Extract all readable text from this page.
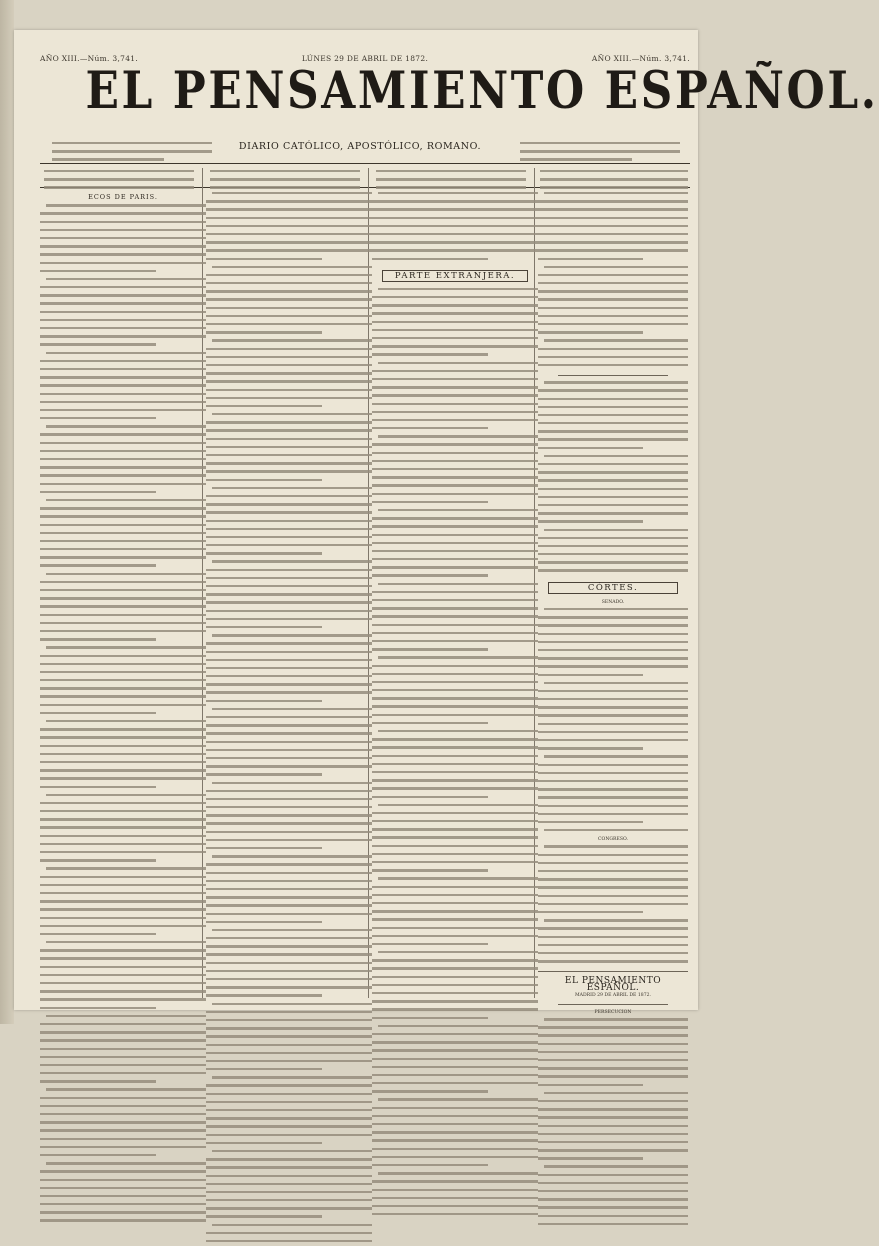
AÑO XIII.—Núm. 3,741.	LÚNES 29 DE ABRIL DE 1872.	AÑO XIII.—Núm. 3,741.
EL PENSAMIENTO ESPAÑOL.
DIARIO CATÓLICO, APOSTÓLICO, ROMANO.
ECOS DE PARIS.
PARTE EXTRANJERA.
CÓRTES.
SENADO.
CONGRESO.
EL PENSAMIENTO ESPAÑOL.
MADRID 29 DE ABRIL DE 1872.
PERSECUCION
